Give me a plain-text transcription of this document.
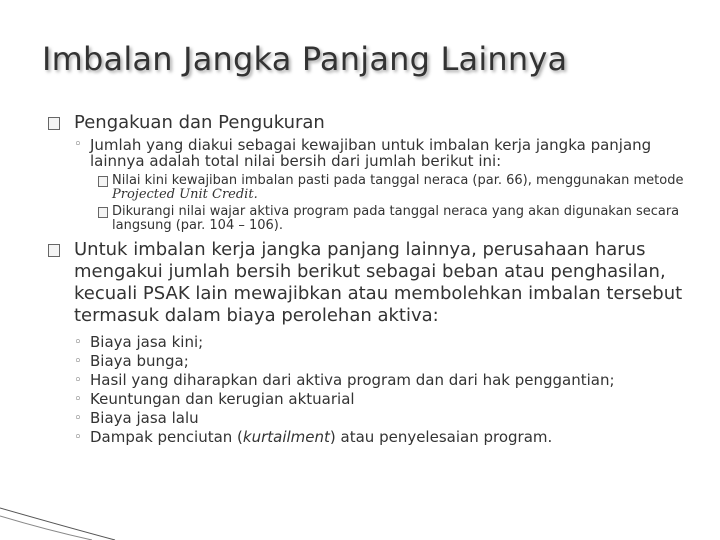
Imbalan Jangka Panjang Lainnya
Pengakuan dan Pengukuran
◦ Jumlah yang diakui sebagai kewajiban untuk imbalan kerja jangka panjang lainnya adalah total nilai bersih dari jumlah berikut ini:
Nilai kini kewajiban imbalan pasti pada tanggal neraca (par. 66), menggunakan metode Projected Unit Credit.
Dikurangi nilai wajar aktiva program pada tanggal neraca yang akan digunakan secara langsung (par. 104 – 106).
Untuk imbalan kerja jangka panjang lainnya, perusahaan harus mengakui jumlah bersih berikut sebagai beban atau penghasilan, kecuali PSAK lain mewajibkan atau membolehkan imbalan tersebut termasuk dalam biaya perolehan aktiva:
◦ Biaya jasa kini;
◦ Biaya bunga;
◦ Hasil yang diharapkan dari aktiva program dan dari hak penggantian;
◦ Keuntungan dan kerugian aktuarial
◦ Biaya jasa lalu
◦ Dampak penciutan (kurtailment) atau penyelesaian program.
